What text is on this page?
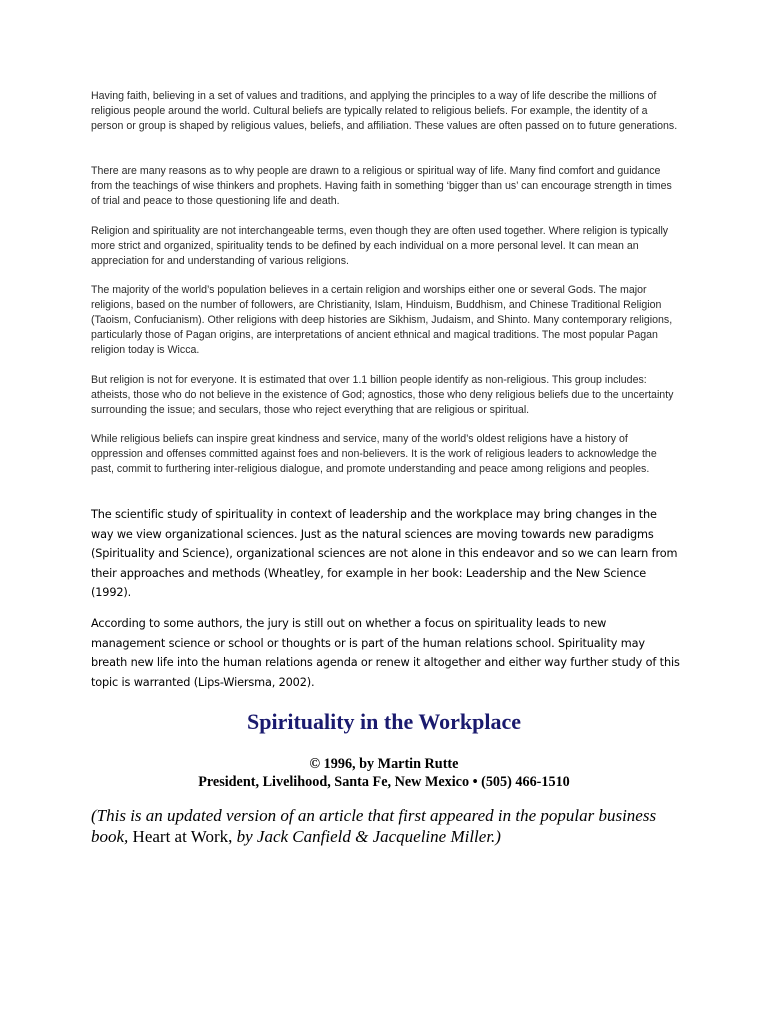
Having faith, believing in a set of values and traditions, and applying the principles to a way of life describe the millions of religious people around the world. Cultural beliefs are typically related to religious beliefs. For example, the identity of a person or group is shaped by religious values, beliefs, and affiliation. These values are often passed on to future generations.

There are many reasons as to why people are drawn to a religious or spiritual way of life. Many find comfort and guidance from the teachings of wise thinkers and prophets. Having faith in something ‘bigger than us’ can encourage strength in times of trial and peace to those questioning life and death.

Religion and spirituality are not interchangeable terms, even though they are often used together. Where religion is typically more strict and organized, spirituality tends to be defined by each individual on a more personal level. It can mean an appreciation for and understanding of various religions.

The majority of the world’s population believes in a certain religion and worships either one or several Gods. The major religions, based on the number of followers, are Christianity, Islam, Hinduism, Buddhism, and Chinese Traditional Religion (Taoism, Confucianism). Other religions with deep histories are Sikhism, Judaism, and Shinto. Many contemporary religions, particularly those of Pagan origins, are interpretations of ancient ethnical and magical traditions. The most popular Pagan religion today is Wicca.

But religion is not for everyone. It is estimated that over 1.1 billion people identify as non-religious. This group includes: atheists, those who do not believe in the existence of God; agnostics, those who deny religious beliefs due to the uncertainty surrounding the issue; and seculars, those who reject everything that are religious or spiritual.

While religious beliefs can inspire great kindness and service, many of the world’s oldest religions have a history of oppression and offenses committed against foes and non-believers. It is the work of religious leaders to acknowledge the past, commit to furthering inter-religious dialogue, and promote understanding and peace among religions and peoples.

The scientific study of spirituality in context of leadership and the workplace may bring changes in the way we view organizational sciences. Just as the natural sciences are moving towards new paradigms (Spirituality and Science), organizational sciences are not alone in this endeavor and so we can learn from their approaches and methods (Wheatley, for example in her book: Leadership and the New Science (1992).

According to some authors, the jury is still out on whether a focus on spirituality leads to new management science or school or thoughts or is part of the human relations school. Spirituality may breath new life into the human relations agenda or renew it altogether and either way further study of this topic is warranted (Lips-Wiersma, 2002).

Spirituality in the Workplace

© 1996, by Martin Rutte

President, Livelihood, Santa Fe, New Mexico • (505) 466-1510

(This is an updated version of an article that first appeared in the popular business book, Heart at Work, by Jack Canfield & Jacqueline Miller.)
